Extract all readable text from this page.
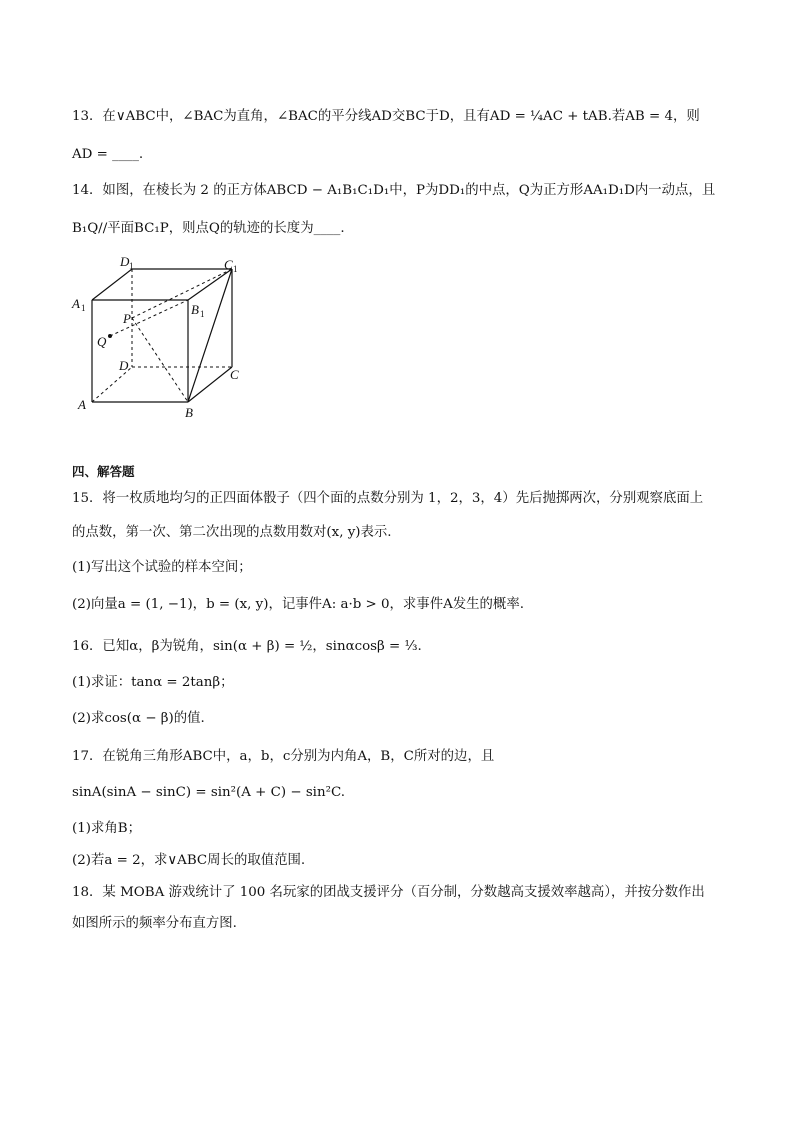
13．在∨ABC中，∠BAC为直角，∠BAC的平分线AD交BC于D，且有AD = ¼AC + tAB.若AB = 4，则
AD = ____.
14．如图，在棱长为 2 的正方体ABCD − A₁B₁C₁D₁中，P为DD₁的中点，Q为正方形AA₁D₁D内一动点，且
B₁Q//平面BC₁P，则点Q的轨迹的长度为____.
D 1	C 1
A 1	B 1
P
Q
D
C
A
B
四、解答题
15．将一枚质地均匀的正四面体骰子（四个面的点数分别为 1，2，3，4）先后抛掷两次，分别观察底面上
的点数，第一次、第二次出现的点数用数对(x, y)表示.
(1)写出这个试验的样本空间；
(2)向量a = (1, −1)，b = (x, y)，记事件A: a·b > 0，求事件A发生的概率.
16．已知α，β为锐角，sin(α + β) = ½，sinαcosβ = ⅓.
(1)求证：tanα = 2tanβ；
(2)求cos(α − β)的值.
17．在锐角三角形ABC中，a，b，c分别为内角A，B，C所对的边，且
sinA(sinA − sinC) = sin²(A + C) − sin²C.
(1)求角B；
(2)若a = 2，求∨ABC周长的取值范围.
18．某 MOBA 游戏统计了 100 名玩家的团战支援评分（百分制，分数越高支援效率越高），并按分数作出
如图所示的频率分布直方图.
